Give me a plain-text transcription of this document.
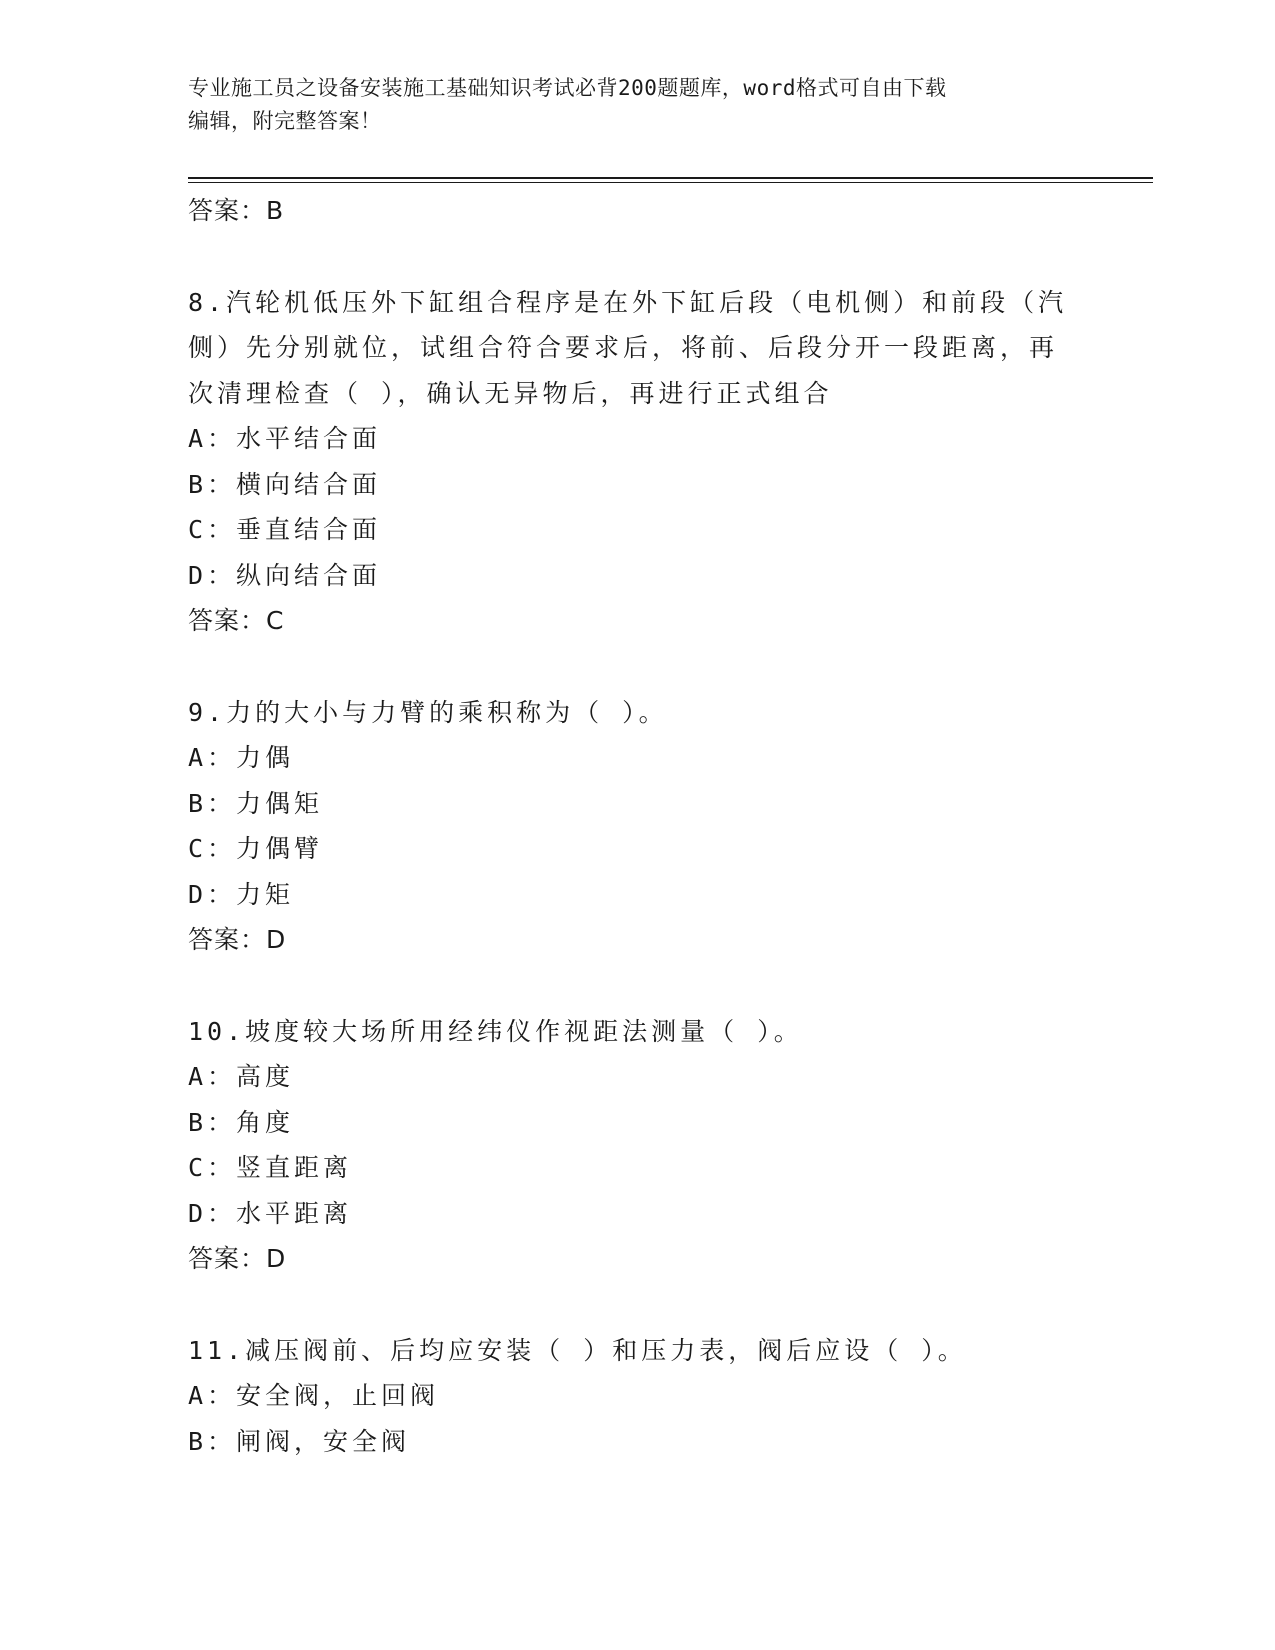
专业施工员之设备安装施工基础知识考试必背200题题库，word格式可自由下载
编辑，附完整答案！

答案：B

8.汽轮机低压外下缸组合程序是在外下缸后段（电机侧）和前段（汽

侧）先分别就位，试组合符合要求后，将前、后段分开一段距离，再

次清理检查（ ），确认无异物后，再进行正式组合

A：水平结合面

B：横向结合面

C：垂直结合面

D：纵向结合面

答案：C

9.力的大小与力臂的乘积称为（ ）。

A：力偶

B：力偶矩

C：力偶臂

D：力矩

答案：D

10.坡度较大场所用经纬仪作视距法测量（ ）。

A：高度

B：角度

C：竖直距离

D：水平距离

答案：D

11.减压阀前、后均应安装（ ）和压力表，阀后应设（ ）。

A：安全阀，止回阀

B：闸阀，安全阀
